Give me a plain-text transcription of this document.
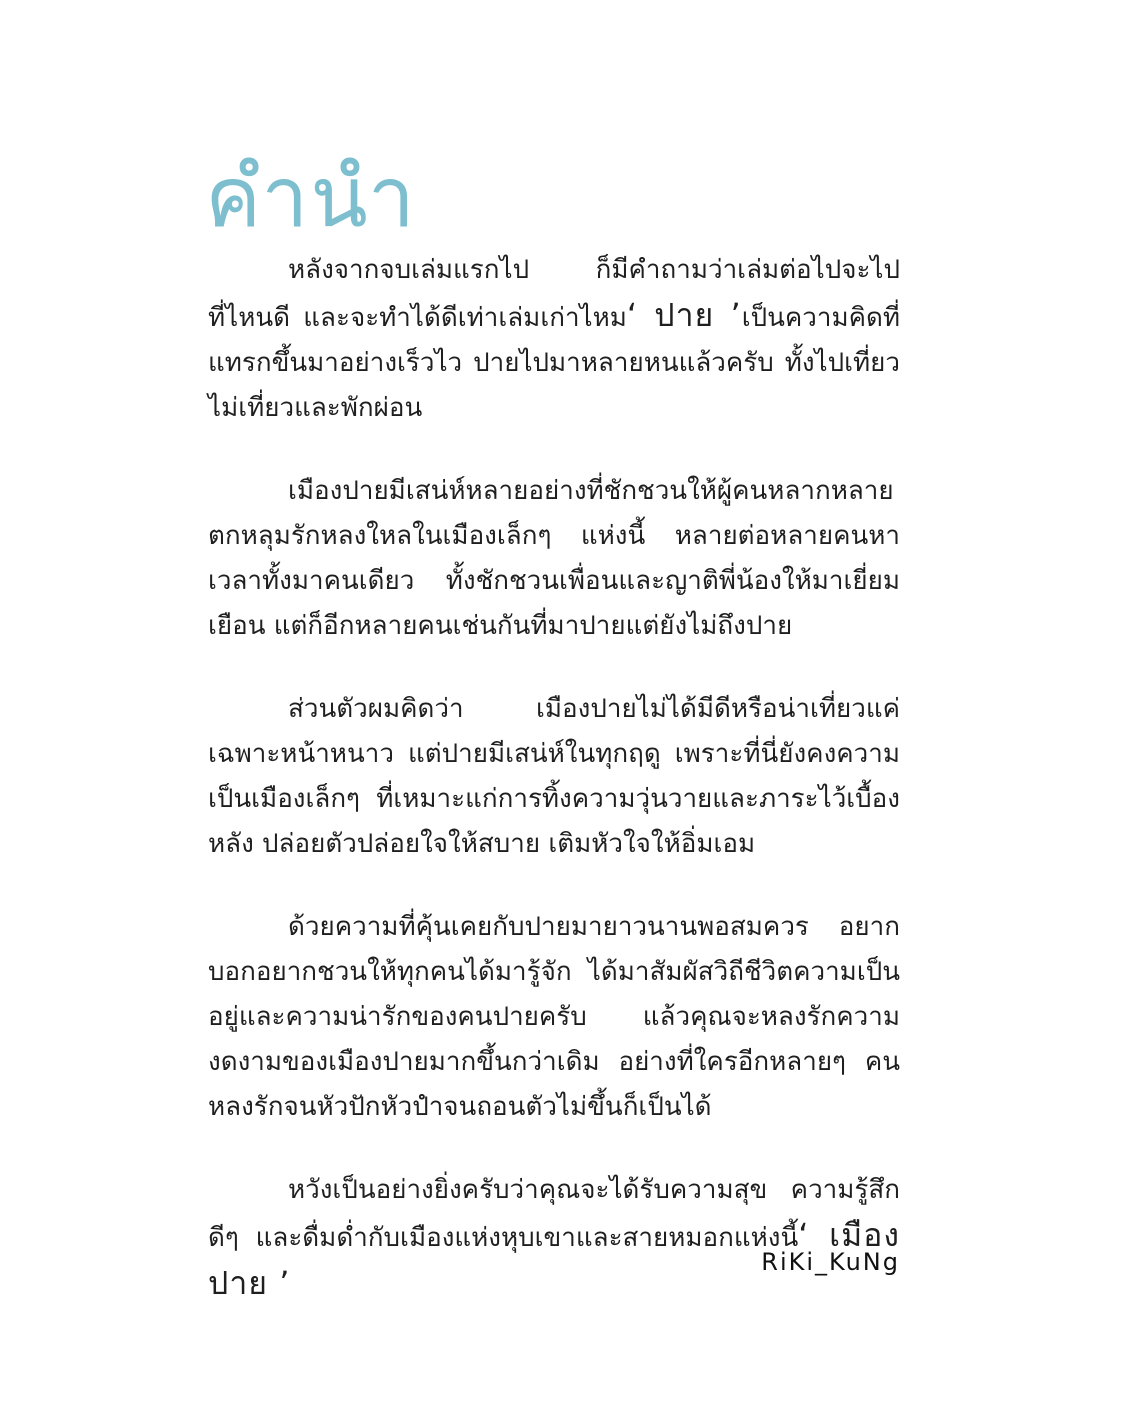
คำนำ

หลังจากจบเล่มแรกไป ก็มีคำถามว่าเล่มต่อไปจะไปที่ไหนดี และจะทำได้ดีเท่าเล่มเก่าไหม‘ ปาย ’เป็นความคิดที่แทรกขึ้นมาอย่างเร็วไว ปายไปมาหลายหนแล้วครับ ทั้งไปเที่ยว ไม่เที่ยวและพักผ่อน

เมืองปายมีเสน่ห์หลายอย่างที่ชักชวนให้ผู้คนหลากหลายตกหลุมรักหลงใหลในเมืองเล็กๆ แห่งนี้ หลายต่อหลายคนหาเวลาทั้งมาคนเดียว ทั้งชักชวนเพื่อนและญาติพี่น้องให้มาเยี่ยมเยือน แต่ก็อีกหลายคนเช่นกันที่มาปายแต่ยังไม่ถึงปาย

ส่วนตัวผมคิดว่า เมืองปายไม่ได้มีดีหรือน่าเที่ยวแค่เฉพาะหน้าหนาว แต่ปายมีเสน่ห์ในทุกฤดู เพราะที่นี่ยังคงความเป็นเมืองเล็กๆ ที่เหมาะแก่การทิ้งความวุ่นวายและภาระไว้เบื้องหลัง ปล่อยตัวปล่อยใจให้สบาย เติมหัวใจให้อิ่มเอม

ด้วยความที่คุ้นเคยกับปายมายาวนานพอสมควร อยากบอกอยากชวนให้ทุกคนได้มารู้จัก ได้มาสัมผัสวิถีชีวิตความเป็นอยู่และความน่ารักของคนปายครับ แล้วคุณจะหลงรักความงดงามของเมืองปายมากขึ้นกว่าเดิม อย่างที่ใครอีกหลายๆ คนหลงรักจนหัวปักหัวปำจนถอนตัวไม่ขึ้นก็เป็นได้

หวังเป็นอย่างยิ่งครับว่าคุณจะได้รับความสุข ความรู้สึกดีๆ และดื่มด่ำกับเมืองแห่งหุบเขาและสายหมอกแห่งนี้‘ เมืองปาย ’

RiKi_KuNg
